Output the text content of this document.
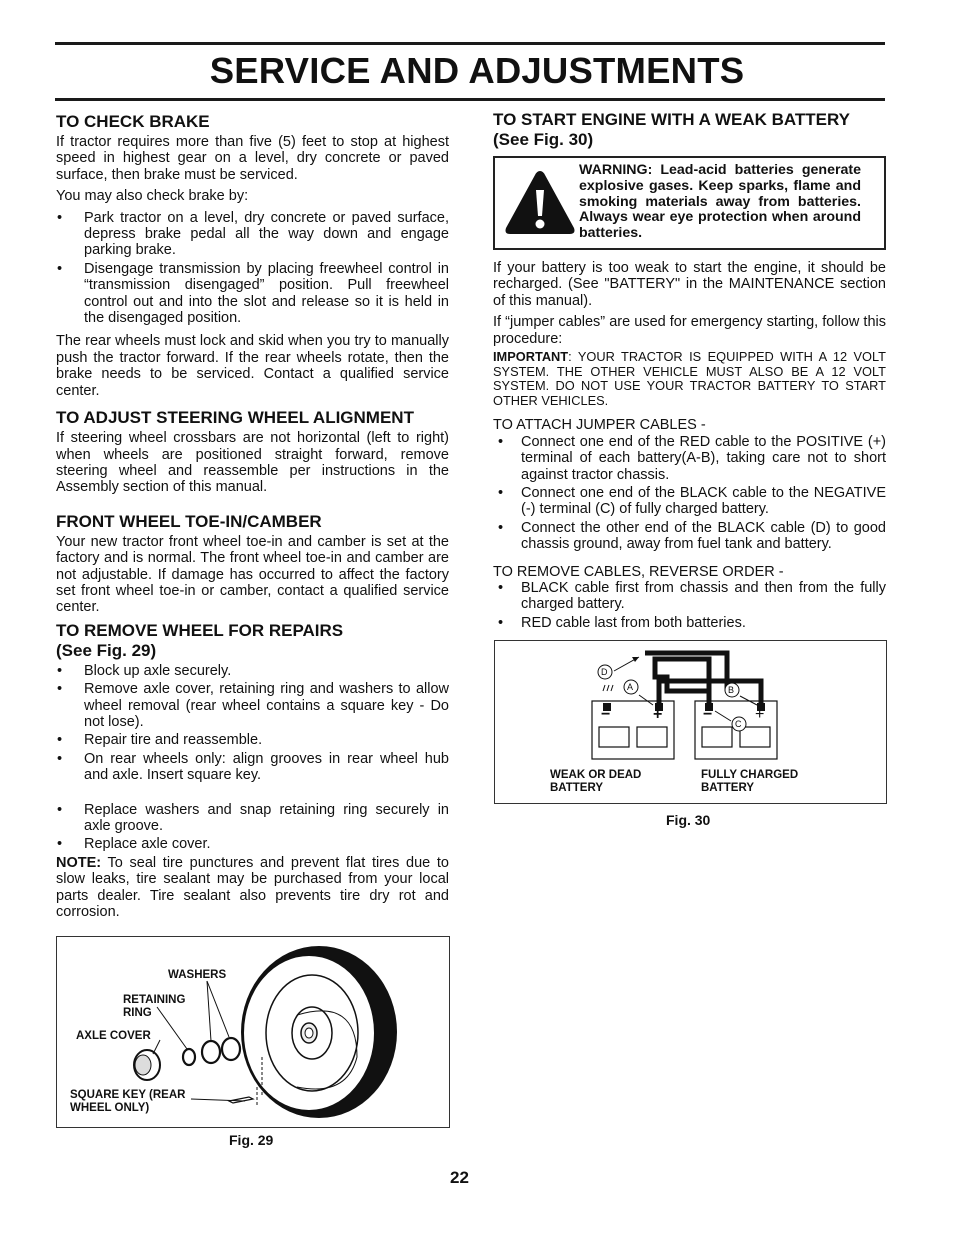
SERVICE AND ADJUSTMENTS
TO CHECK BRAKE

If tractor requires more than five (5) feet to stop at highest speed in highest gear on a level, dry concrete or paved surface, then brake must be serviced.

You may also check brake by:

• Park tractor on a level, dry concrete or paved surface, depress brake pedal all the way down and engage parking brake.
• Disengage transmission by placing freewheel control in “transmission disengaged” position. Pull freewheel control out and into the slot and release so it is held in the disengaged position.

The rear wheels must lock and skid when you try to manually push the tractor forward. If the rear wheels rotate, then the brake needs to be serviced. Contact a qualified service center.

TO ADJUST STEERING WHEEL ALIGNMENT

If steering wheel crossbars are not horizontal (left to right) when wheels are positioned straight forward, remove steering wheel and reassemble per instructions in the Assembly section of this manual.

FRONT WHEEL TOE-IN/CAMBER

Your new tractor front wheel toe-in and camber is set at the factory and is normal. The front wheel toe-in and camber are not adjustable. If damage has occurred to affect the factory set front wheel toe-in or camber, contact a qualified service center.

TO REMOVE WHEEL FOR REPAIRS
(See Fig. 29)
• Block up axle securely.
• Remove axle cover, retaining ring and washers to allow wheel removal (rear wheel contains a square key - Do not lose).
• Repair tire and reassemble.
• On rear wheels only: align grooves in rear wheel hub and axle. Insert square key.
• Replace washers and snap retaining ring securely in axle groove.
• Replace axle cover.

NOTE: To seal tire punctures and prevent flat tires due to slow leaks, tire sealant may be purchased from your local parts dealer. Tire sealant also prevents tire dry rot and corrosion.

WASHERS
RETAINING
RING
AXLE COVER
SQUARE KEY (REAR
WHEEL ONLY)
Fig. 29
TO START ENGINE WITH A WEAK BATTERY
(See Fig. 30)
WARNING: Lead-acid batteries generate explosive gases. Keep sparks, flame and smoking materials away from batteries. Always wear eye protection when around batteries.

If your battery is too weak to start the engine, it should be recharged. (See "BATTERY" in the MAINTENANCE section of this manual).

If “jumper cables” are used for emergency starting, follow this procedure:

IMPORTANT: YOUR TRACTOR IS EQUIPPED WITH A 12 VOLT SYSTEM. THE OTHER VEHICLE MUST ALSO BE A 12 VOLT SYSTEM. DO NOT USE YOUR TRACTOR BATTERY TO START OTHER VEHICLES.

TO ATTACH JUMPER CABLES -

• Connect one end of the RED cable to the POSITIVE (+) terminal of each battery(A-B), taking care not to short against tractor chassis.
• Connect one end of the BLACK cable to the NEGATIVE (-) terminal (C) of fully charged battery.
• Connect the other end of the BLACK cable (D) to good chassis ground, away from fuel tank and battery.

TO REMOVE CABLES, REVERSE ORDER -

• BLACK cable first from chassis and then from the fully charged battery.
• RED cable last from both batteries.
D
A	B
C
−	+	−	+
WEAK OR DEAD
BATTERY
FULLY CHARGED
BATTERY
Fig. 30
22
